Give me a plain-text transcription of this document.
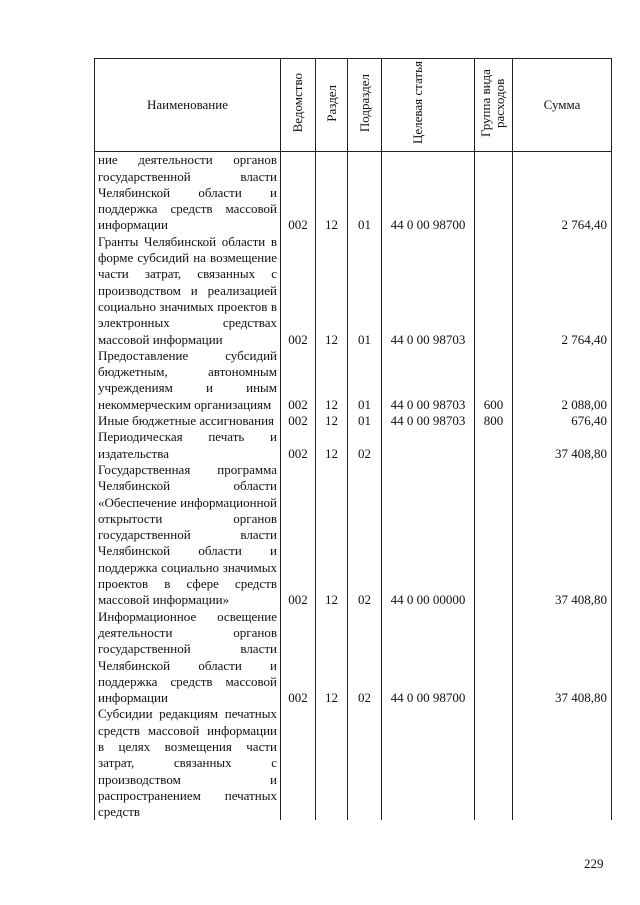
Наименование	Ведомство	Раздел	Подраздел	Целевая статья	Группа вида расходов	Сумма
ние деятельности органов государственной власти Челябинской области и поддержка средств массовой информации	002	12	01	44 0 00 98700		2 764,40
Гранты Челябинской области в форме субсидий на возмещение части затрат, связанных с производством и реализацией социально значимых проектов в электронных средствах массовой информации	002	12	01	44 0 00 98703		2 764,40
Предоставление субсидий бюджетным, автономным учреждениям и иным некоммерческим организациям	002	12	01	44 0 00 98703	600	2 088,00
Иные бюджетные ассигнования	002	12	01	44 0 00 98703	800	676,40
Периодическая печать и издательства	002	12	02			37 408,80
Государственная программа Челябинской области «Обеспечение информационной открытости органов государственной власти Челябинской области и поддержка социально значимых проектов в сфере средств массовой информации»	002	12	02	44 0 00 00000		37 408,80
Информационное освещение деятельности органов государственной власти Челябинской области и поддержка средств массовой информации	002	12	02	44 0 00 98700		37 408,80
Субсидии редакциям печатных средств массовой информации в целях возмещения части затрат, связанных с производством и распространением печатных средств						
229
